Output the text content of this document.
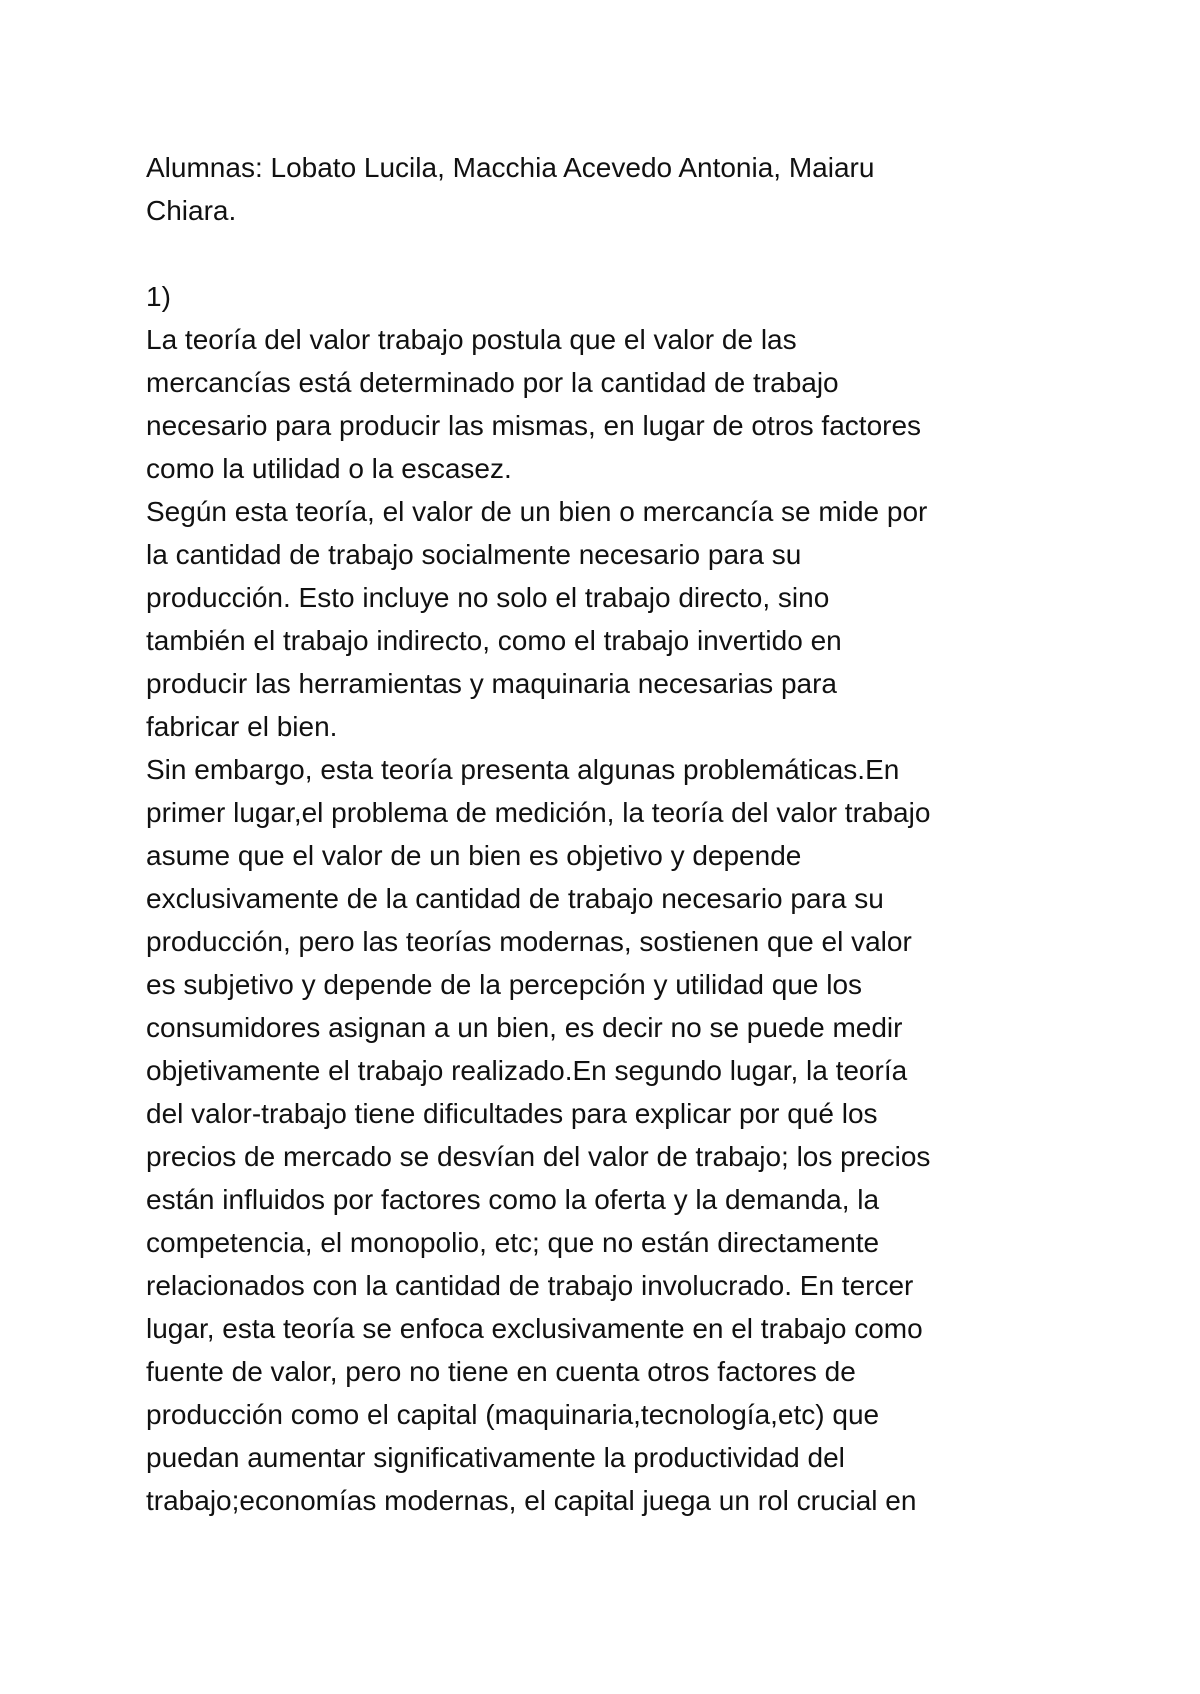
Alumnas: Lobato Lucila, Macchia Acevedo Antonia, Maiaru
Chiara.
1)
La teoría del valor trabajo postula que el valor de las
mercancías está determinado por la cantidad de trabajo
necesario para producir las mismas, en lugar de otros factores
como la utilidad o la escasez.
Según esta teoría, el valor de un bien o mercancía se mide por
la cantidad de trabajo socialmente necesario para su
producción. Esto incluye no solo el trabajo directo, sino
también el trabajo indirecto, como el trabajo invertido en
producir las herramientas y maquinaria necesarias para
fabricar el bien.
Sin embargo, esta teoría presenta algunas problemáticas.En
primer lugar,el problema de medición, la teoría del valor trabajo
asume que el valor de un bien es objetivo y depende
exclusivamente de la cantidad de trabajo necesario para su
producción, pero las teorías modernas, sostienen que el valor
es subjetivo y depende de la percepción y utilidad que los
consumidores asignan a un bien, es decir no se puede medir
objetivamente el trabajo realizado.En segundo lugar, la teoría
del valor-trabajo tiene dificultades para explicar por qué los
precios de mercado se desvían del valor de trabajo; los precios
están influidos por factores como la oferta y la demanda, la
competencia, el monopolio, etc; que no están directamente
relacionados con la cantidad de trabajo involucrado. En tercer
lugar, esta teoría se enfoca exclusivamente en el trabajo como
fuente de valor, pero no tiene en cuenta otros factores de
producción como el capital (maquinaria,tecnología,etc) que
puedan aumentar significativamente la productividad del
trabajo;economías modernas, el capital juega un rol crucial en
